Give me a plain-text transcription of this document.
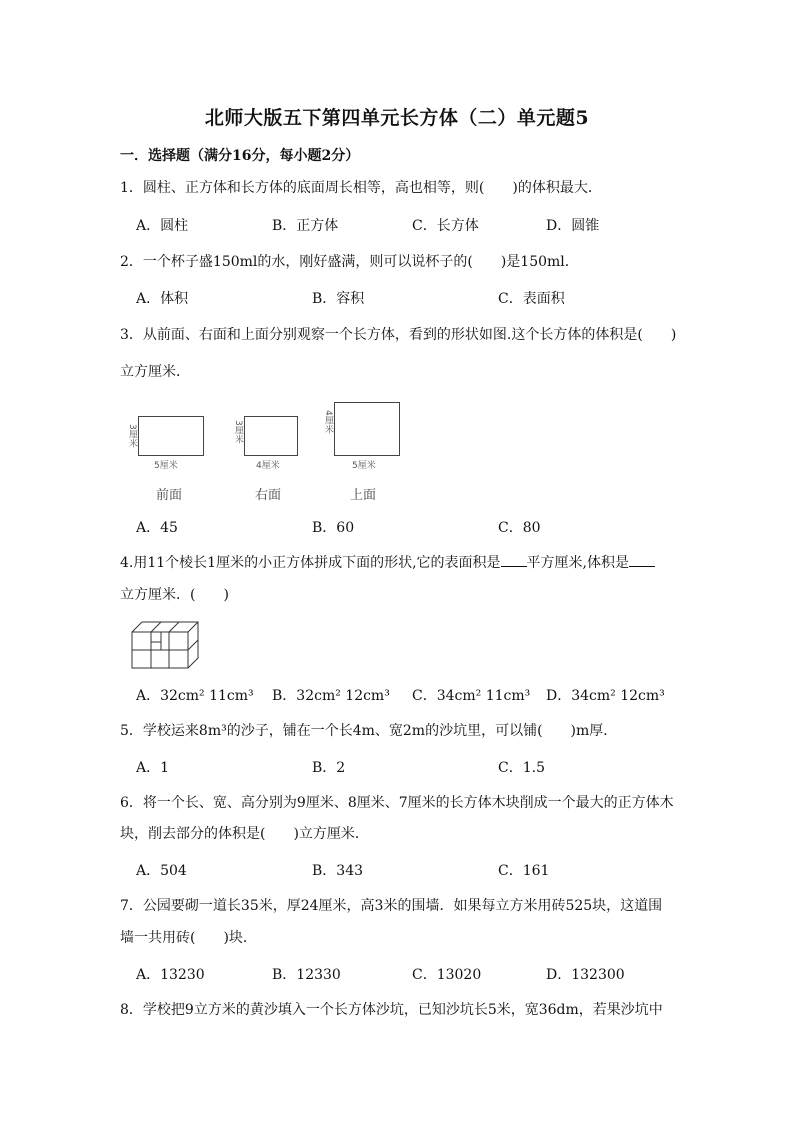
北师大版五下第四单元长方体（二）单元题5
一．选择题（满分16分，每小题2分）
1．圆柱、正方体和长方体的底面周长相等，高也相等，则(　　)的体积最大．
A．圆柱	B．正方体	C．长方体	D．圆锥
2．一个杯子盛150ml的水，刚好盛满，则可以说杯子的(　　)是150ml．
A．体积	B．容积	C．表面积
3．从前面、右面和上面分别观察一个长方体，看到的形状如图.这个长方体的体积是(　　)
立方厘米．
3厘米
5厘米
前面
3厘米
4厘米
右面
4厘米
5厘米
上面
A．45	B．60	C．80
4.用11个棱长1厘米的小正方体拼成下面的形状,它的表面积是 平方厘米,体积是
立方厘米．(　　)
A．32cm² 11cm³ B．32cm² 12cm³ C．34cm² 11cm³ D．34cm² 12cm³
5．学校运来8m³的沙子，铺在一个长4m、宽2m的沙坑里，可以铺(　　)m厚．
A．1	B．2	C．1.5
6．将一个长、宽、高分别为9厘米、8厘米、7厘米的长方体木块削成一个最大的正方体木
块，削去部分的体积是(　　)立方厘米．
A．504	B．343	C．161
7．公园要砌一道长35米，厚24厘米，高3米的围墙．如果每立方米用砖525块，这道围
墙一共用砖(　　)块．
A．13230	B．12330	C．13020	D．132300
8．学校把9立方米的黄沙填入一个长方体沙坑，已知沙坑长5米，宽36dm，若果沙坑中
